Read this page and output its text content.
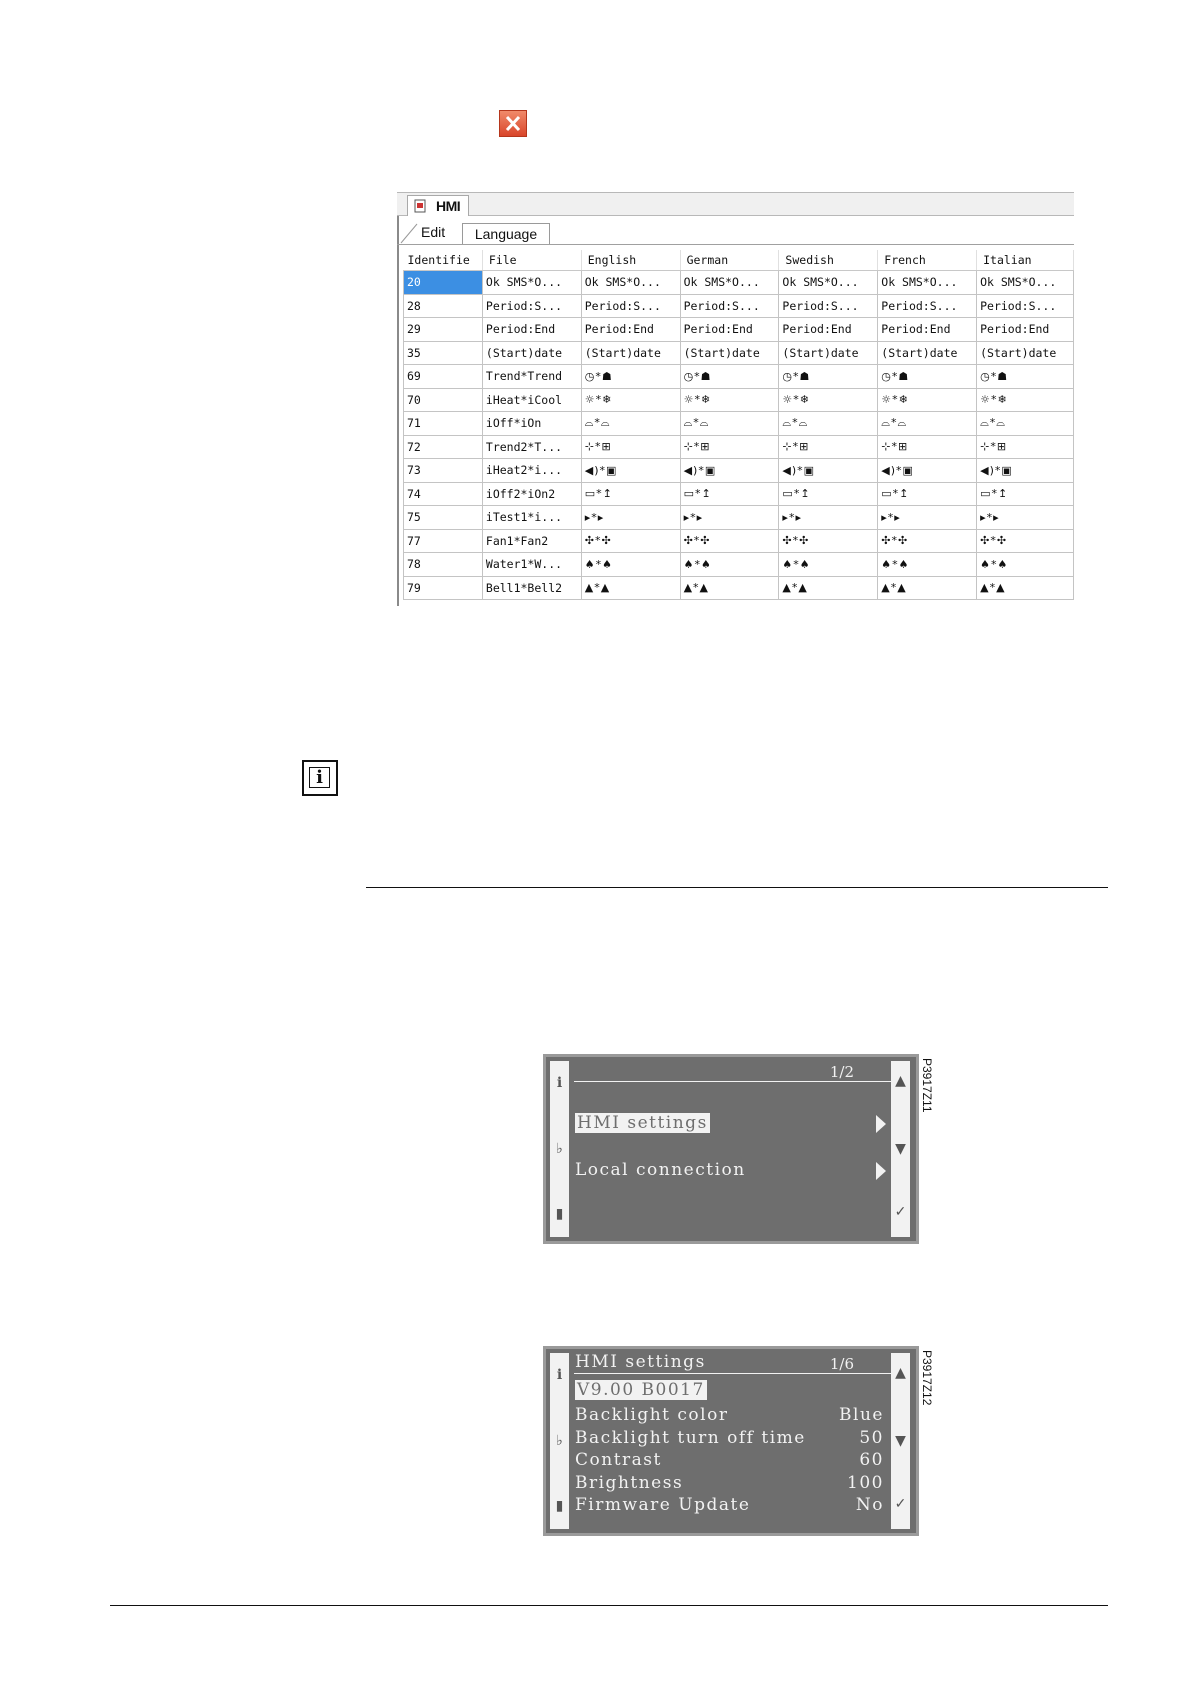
HMI
Edit	Language
Identifie	File	English	German	Swedish	French	Italian
20	Ok SMS*O...	Ok SMS*O...	Ok SMS*O...	Ok SMS*O...	Ok SMS*O...	Ok SMS*O...
28	Period:S...	Period:S...	Period:S...	Period:S...	Period:S...	Period:S...
29	Period:End	Period:End	Period:End	Period:End	Period:End	Period:End
35	(Start)date	(Start)date	(Start)date	(Start)date	(Start)date	(Start)date
69	Trend*Trend	◷*☗	◷*☗	◷*☗	◷*☗	◷*☗
70	iHeat*iCool	☼*❄	☼*❄	☼*❄	☼*❄	☼*❄
71	iOff*iOn	⌓*⌓	⌓*⌓	⌓*⌓	⌓*⌓	⌓*⌓
72	Trend2*T...	⊹*⊞	⊹*⊞	⊹*⊞	⊹*⊞	⊹*⊞
73	iHeat2*i...	◀)*▣	◀)*▣	◀)*▣	◀)*▣	◀)*▣
74	iOff2*iOn2	▭*↥	▭*↥	▭*↥	▭*↥	▭*↥
75	iTest1*i...	▸*▸	▸*▸	▸*▸	▸*▸	▸*▸
77	Fan1*Fan2	✣*✣	✣*✣	✣*✣	✣*✣	✣*✣
78	Water1*W...	♠*♠	♠*♠	♠*♠	♠*♠	♠*♠
79	Bell1*Bell2	▲*▲	▲*▲	▲*▲	▲*▲	▲*▲
i
i
♭
▮
1/2
HMI settings
Local connection
▲
▼
✓
P3917Z11
i
♭
▮
HMI settings	1/6
V9.00 B0017
Backlight color	Blue
Backlight turn off time	50
Contrast	60
Brightness	100
Firmware Update	No
▲
▼
✓
P3917Z12
